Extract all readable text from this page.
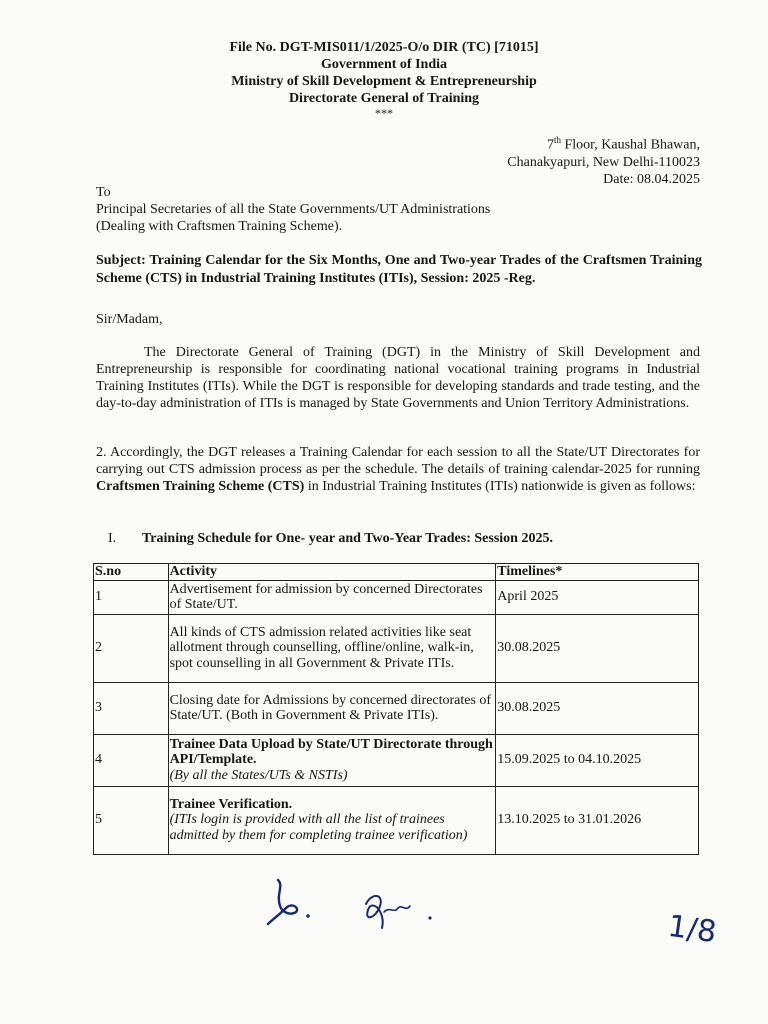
File No. DGT-MIS011/1/2025-O/o DIR (TC) [71015]
Government of India
Ministry of Skill Development & Entrepreneurship
Directorate General of Training
***
7th Floor, Kaushal Bhawan,
Chanakyapuri, New Delhi-110023
Date: 08.04.2025
To
Principal Secretaries of all the State Governments/UT Administrations
(Dealing with Craftsmen Training Scheme).
Subject: Training Calendar for the Six Months, One and Two-year Trades of the Craftsmen Training Scheme (CTS) in Industrial Training Institutes (ITIs), Session: 2025 -Reg.
Sir/Madam,
The Directorate General of Training (DGT) in the Ministry of Skill Development and Entrepreneurship is responsible for coordinating national vocational training programs in Industrial Training Institutes (ITIs). While the DGT is responsible for developing standards and trade testing, and the day-to-day administration of ITIs is managed by State Governments and Union Territory Administrations.
2. Accordingly, the DGT releases a Training Calendar for each session to all the State/UT Directorates for carrying out CTS admission process as per the schedule. The details of training calendar-2025 for running Craftsmen Training Scheme (CTS) in Industrial Training Institutes (ITIs) nationwide is given as follows:
I. Training Schedule for One- year and Two-Year Trades: Session 2025.
S.no	Activity	Timelines*
1	Advertisement for admission by concerned Directorates of State/UT.	April 2025
2	All kinds of CTS admission related activities like seat allotment through counselling, offline/online, walk-in, spot counselling in all Government & Private ITIs.	30.08.2025
3	Closing date for Admissions by concerned directorates of State/UT. (Both in Government & Private ITIs).	30.08.2025
4	Trainee Data Upload by State/UT Directorate through API/Template.
(By all the States/UTs & NSTIs)	15.09.2025 to 04.10.2025
5	Trainee Verification.
(ITIs login is provided with all the list of trainees admitted by them for completing trainee verification)	13.10.2025 to 31.01.2026
1/8
